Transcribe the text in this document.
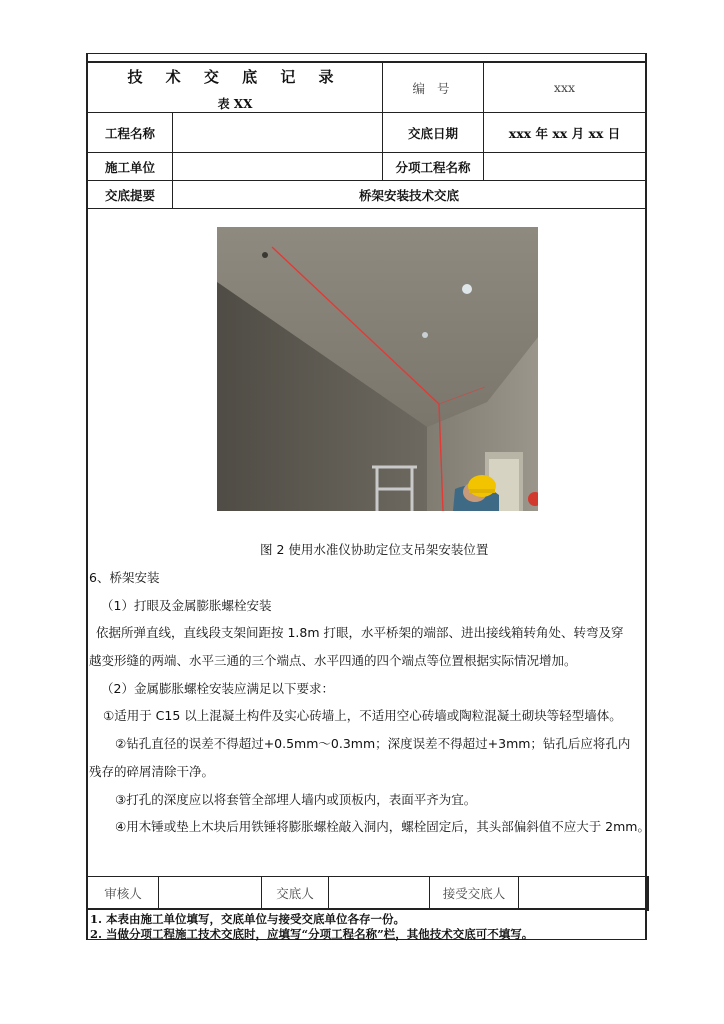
技 术 交 底 记 录
表 XX
编 号	xxx
工程名称	交底日期	xxx 年 xx 月 xx 日
施工单位	分项工程名称
交底提要	桥架安装技术交底
图 2 使用水准仪协助定位支吊架安装位置
6、桥架安装
（1）打眼及金属膨胀螺栓安装
依据所弹直线，直线段支架间距按 1.8m 打眼，水平桥架的端部、进出接线箱转角处、转弯及穿
越变形缝的两端、水平三通的三个端点、水平四通的四个端点等位置根据实际情况增加。
（2）金属膨胀螺栓安装应满足以下要求：
①适用于 C15 以上混凝土构件及实心砖墙上，不适用空心砖墙或陶粒混凝土砌块等轻型墙体。
②钻孔直径的误差不得超过+0.5mm～0.3mm；深度误差不得超过+3mm；钻孔后应将孔内
残存的碎屑清除干净。
③打孔的深度应以将套管全部埋人墙内或顶板内，表面平齐为宜。
④用木锤或垫上木块后用铁锤将膨胀螺栓敲入洞内，螺栓固定后，其头部偏斜值不应大于 2mm。
审核人	交底人	接受交底人
1. 本表由施工单位填写，交底单位与接受交底单位各存一份。
2. 当做分项工程施工技术交底时，应填写“分项工程名称”栏，其他技术交底可不填写。
